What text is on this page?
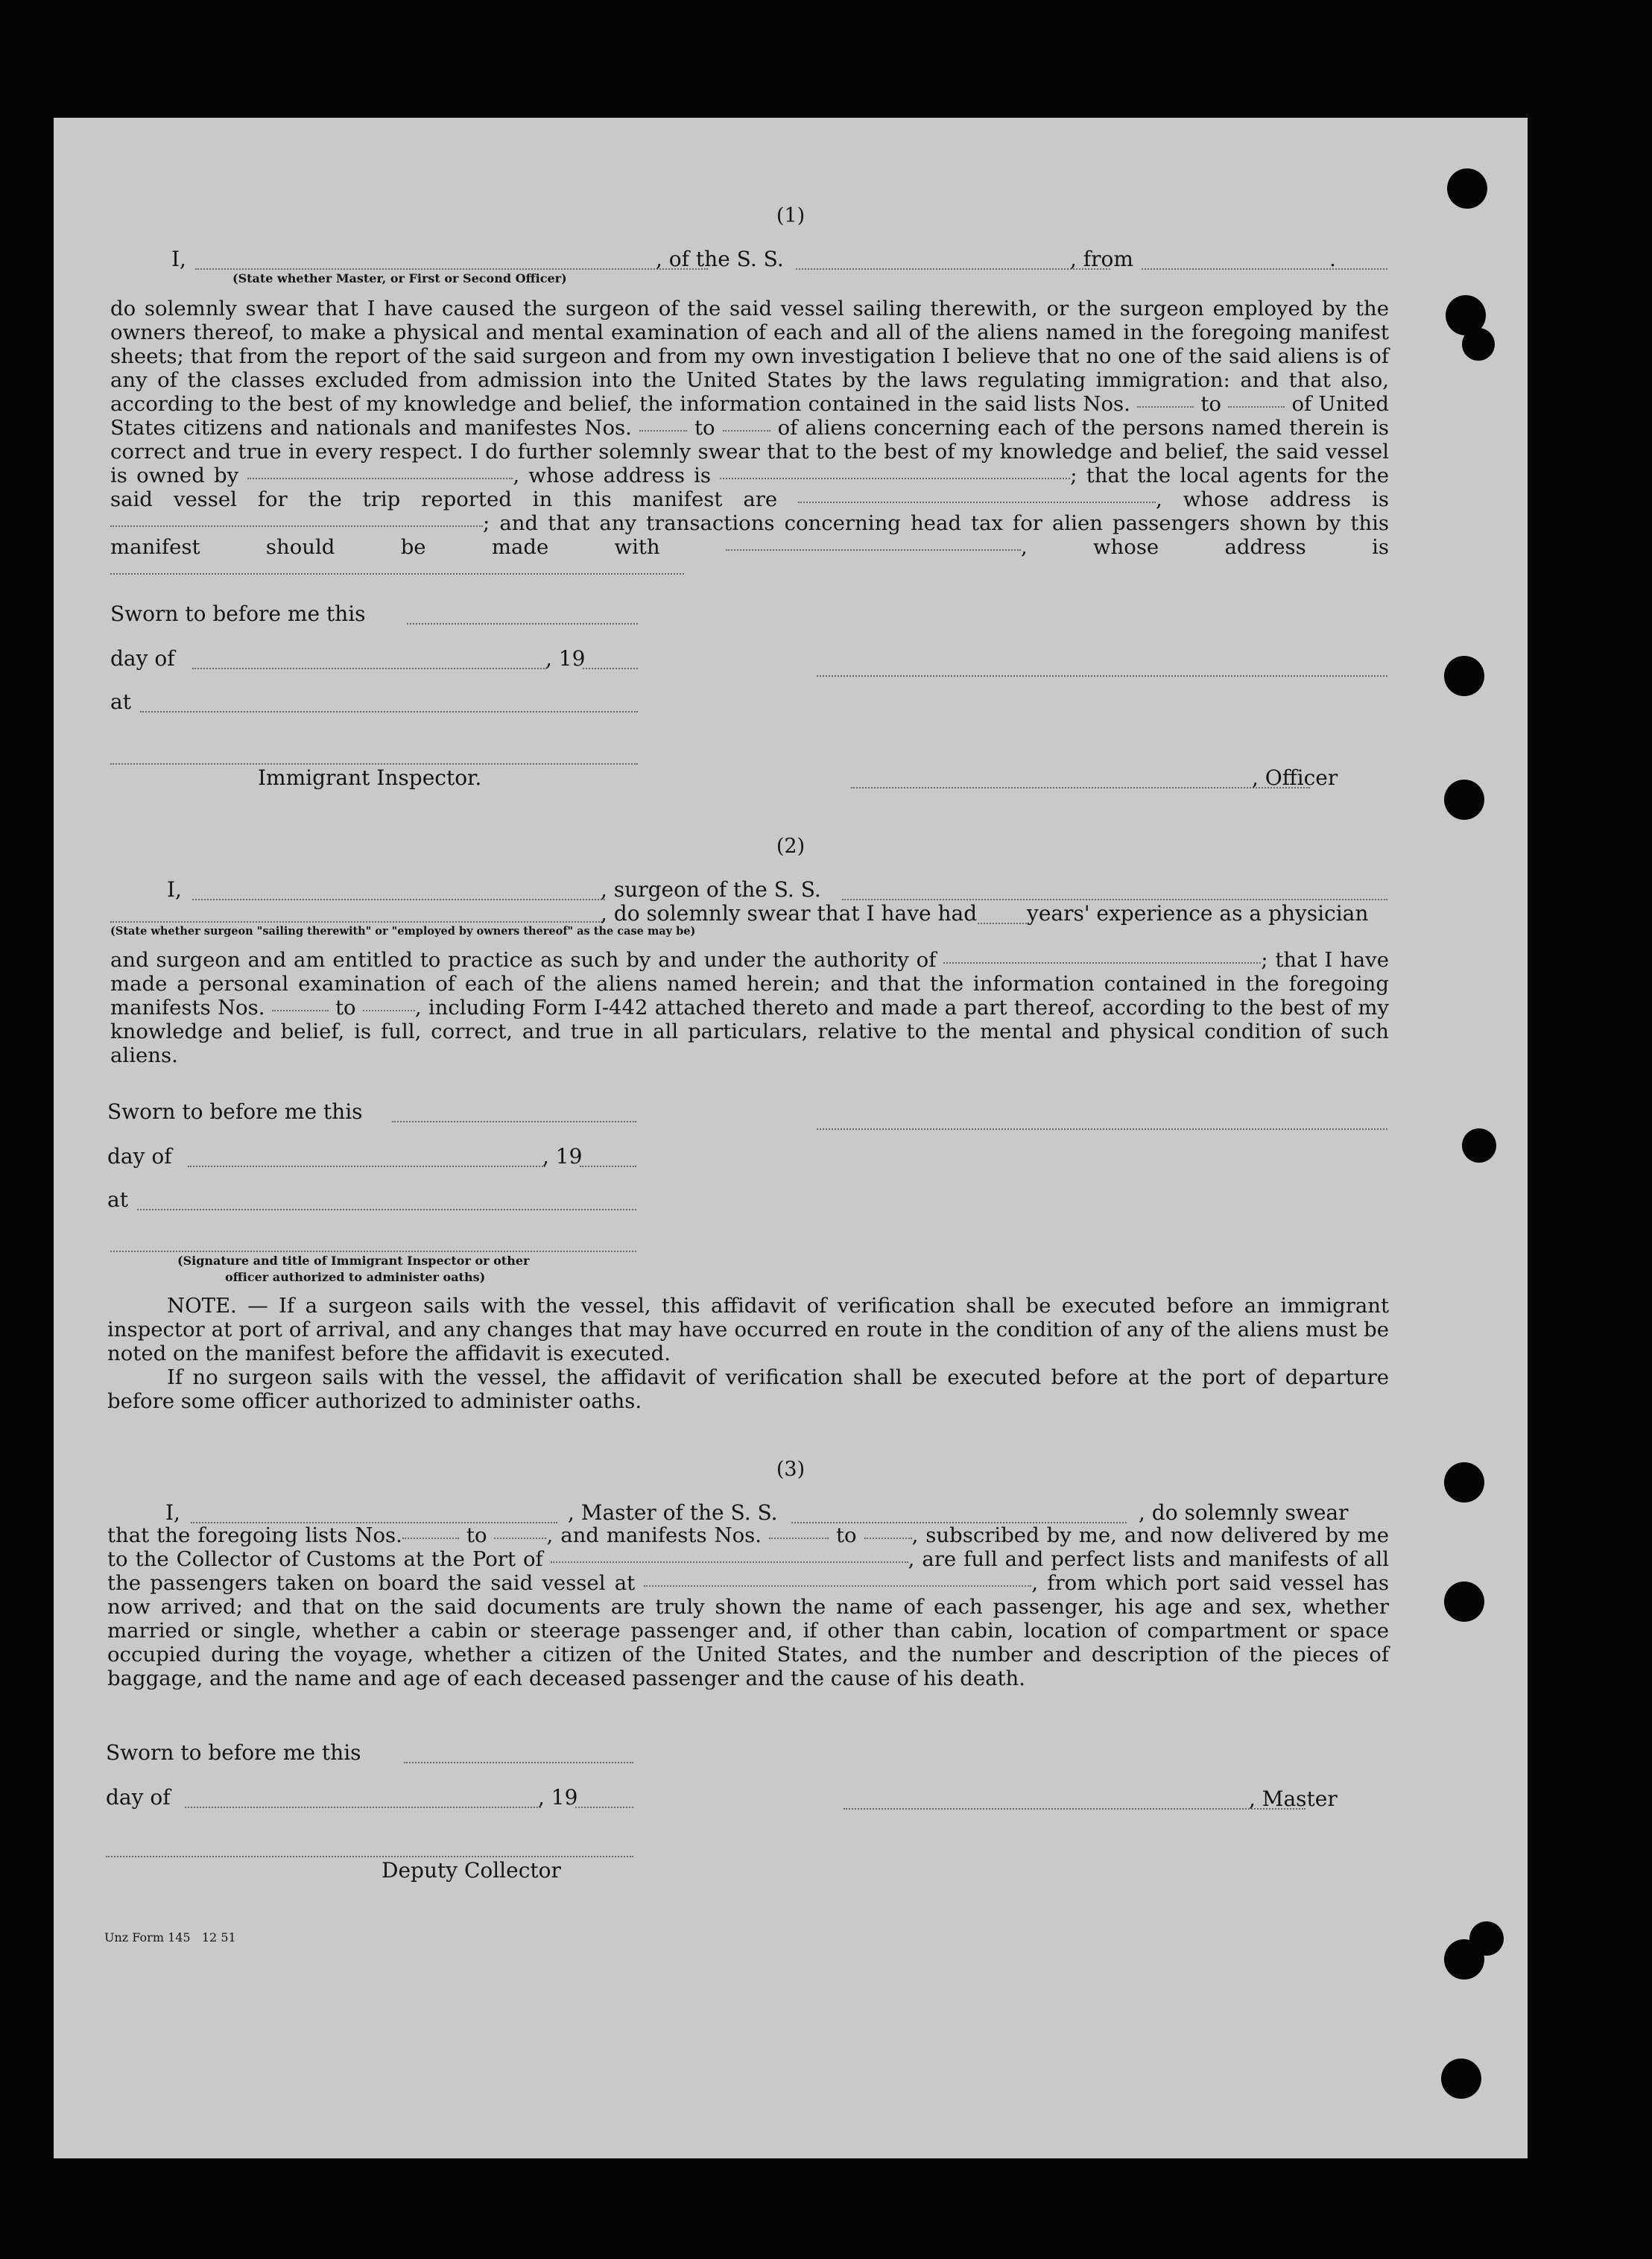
(1)
I,	, of the S. S.	, from	.
(State whether Master, or First or Second Officer)
do solemnly swear that I have caused the surgeon of the said vessel sailing therewith, or the surgeon employed by the owners thereof, to make a physical and mental examination of each and all of the aliens named in the foregoing manifest sheets; that from the report of the said surgeon and from my own investigation I believe that no one of the said aliens is of any of the classes excluded from admission into the United States by the laws regulating immigration: and that also, according to the best of my knowledge and belief, the information contained in the said lists Nos.	to	of United States citizens and nationals and manifestes Nos.	to	of aliens concerning each of the persons named therein is correct and true in every respect. I do further solemnly swear that to the best of my knowledge and belief, the said vessel is owned by	, whose address is	; that the local agents for the said vessel for the trip reported in this manifest are	, whose address is ; and that any transactions concerning head tax for alien passengers shown by this manifest should be made with	,	whose address is
Sworn to before me this
day of	, 19
at
Immigrant Inspector.	, Officer
(2)
I,	, surgeon of the S. S.
, do solemnly swear that I have had years' experience as a physician
(State whether surgeon "sailing therewith" or "employed by owners thereof" as the case may be)
and surgeon and am entitled to practice as such by and under the authority of	; that I have made a personal examination of each of the aliens named herein; and that the information contained in the foregoing manifests Nos.	to	, including Form I-442 attached thereto and made a part thereof, according to the best of my knowledge and belief, is full, correct, and true in all particulars, relative to the mental and physical condition of such aliens.
Sworn to before me this
day of	, 19
at
(Signature and title of Immigrant Inspector or other
officer authorized to administer oaths)
NOTE. — If a surgeon sails with the vessel, this affidavit of verification shall be executed before an immigrant inspector at port of arrival, and any changes that may have occurred en route in the condition of any of the aliens must be noted on the manifest before the affidavit is executed.
If no surgeon sails with the vessel, the affidavit of verification shall be executed before at the port of departure before some officer authorized to administer oaths.
(3)
I,	, Master of the S. S.	, do solemnly swear
that the foregoing lists Nos.	to	, and manifests Nos.	to	, subscribed by me, and now delivered by me to the Collector of Customs at the Port of	, are full and perfect lists and manifests of all the passengers taken on board the said vessel at	, from which port said vessel has now arrived; and that on the said documents are truly shown the name of each passenger, his age and sex, whether married or single, whether a cabin or steerage passenger and, if other than cabin, location of compartment or space occupied during the voyage, whether a citizen of the United States, and the number and description of the pieces of baggage, and the name and age of each deceased passenger and the cause of his death.
Sworn to before me this
day of	, 19	, Master
Deputy Collector
Unz Form 145   12 51
